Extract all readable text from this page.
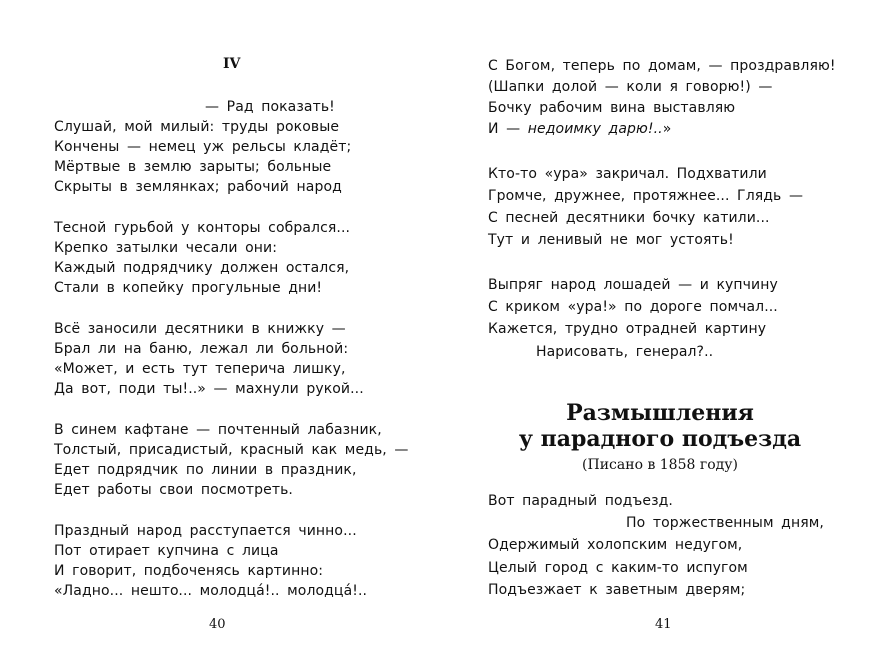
IV
— Рад показать!
Слушай, мой милый: труды роковые
Кончены — немец уж рельсы кладёт;
Мёртвые в землю зарыты; больные
Скрыты в землянках; рабочий народ
Тесной гурьбой у конторы собрался...
Крепко затылки чесали они:
Каждый подрядчику должен остался,
Стали в копейку прогульные дни!
Всё заносили десятники в книжку —
Брал ли на баню, лежал ли больной:
«Может, и есть тут теперича лишку,
Да вот, поди ты!..» — махнули рукой...
В синем кафтане — почтенный лабазник,
Толстый, присадистый, красный как медь, —
Едет подрядчик по линии в праздник,
Едет работы свои посмотреть.
Праздный народ расступается чинно...
Пот отирает купчина с лица
И говорит, подбоченясь картинно:
«Ладно... нештo... молодца́!.. молодца́!..
40
С Богом, теперь по домам, — проздравляю!
(Шапки долой — коли я говорю!) —
Бочку рабочим вина выставляю
И — недоимку дарю!..»
Кто-то «ура» закричал. Подхватили
Громче, дружнее, протяжнее... Глядь —
С песней десятники бочку катили...
Тут и ленивый не мог устоять!
Выпряг народ лошадей — и купчину
С криком «ура!» по дороге помчал...
Кажется, трудно отрадней картину
Нарисовать, генерал?..
Размышления
у парадного подъезда
(Писано в 1858 году)
Вот парадный подъезд.
По торжественным дням,
Одержимый холопским недугом,
Целый город с каким-то испугом
Подъезжает к заветным дверям;
41
